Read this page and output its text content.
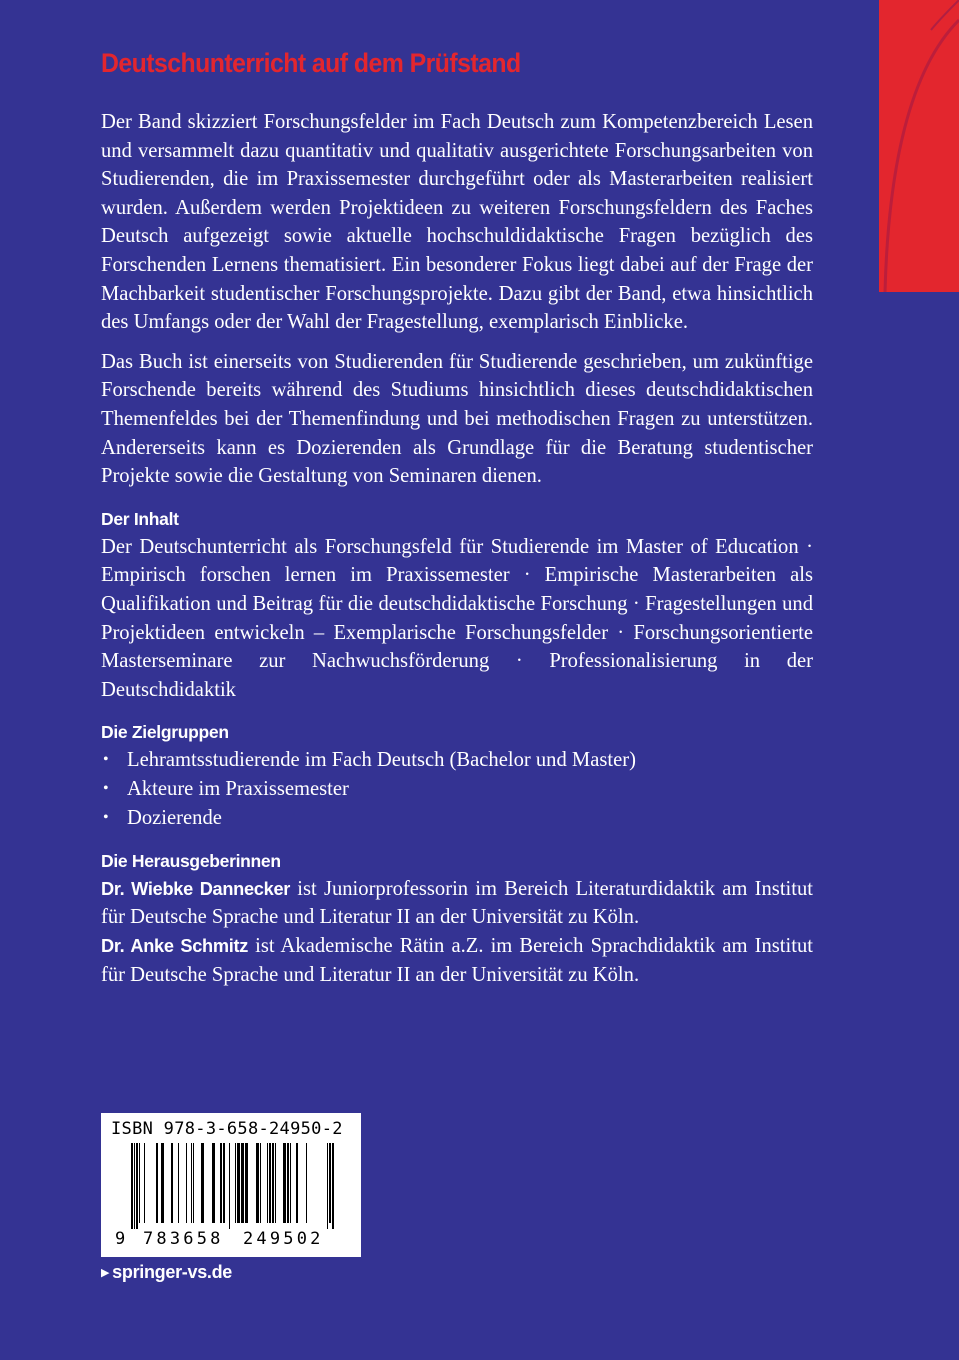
Deutschunterricht auf dem Prüfstand

Der Band skizziert Forschungsfelder im Fach Deutsch zum Kompetenzbereich Lesen und versammelt dazu quantitativ und qualitativ ausgerichtete Forschungsarbeiten von Studierenden, die im Praxissemester durchgeführt oder als Masterarbeiten realisiert wurden. Außerdem werden Projektideen zu weiteren Forschungsfeldern des Faches Deutsch aufgezeigt sowie aktuelle hochschuldidaktische Fragen bezüglich des Forschenden Lernens thematisiert. Ein besonderer Fokus liegt dabei auf der Frage der Machbarkeit studentischer Forschungsprojekte. Dazu gibt der Band, etwa hinsichtlich des Umfangs oder der Wahl der Fragestellung, exemplarisch Einblicke.

Das Buch ist einerseits von Studierenden für Studierende geschrieben, um zukünftige Forschende bereits während des Studiums hinsichtlich dieses deutschdidaktischen Themenfeldes bei der Themenfindung und bei methodischen Fragen zu unterstützen. Andererseits kann es Dozierenden als Grundlage für die Beratung studentischer Projekte sowie die Gestaltung von Seminaren dienen.

Der Inhalt

Der Deutschunterricht als Forschungsfeld für Studierende im Master of Education · Empirisch forschen lernen im Praxissemester · Empirische Masterarbeiten als Qualifikation und Beitrag für die deutschdidaktische Forschung · Fragestellungen und Projektideen entwickeln – Exemplarische Forschungsfelder · Forschungsorientierte Masterseminare zur Nachwuchsförderung · Professionalisierung in der Deutschdidaktik

Die Zielgruppen
• Lehramtsstudierende im Fach Deutsch (Bachelor und Master)
• Akteure im Praxissemester
• Dozierende
Die Herausgeberinnen

Dr. Wiebke Dannecker ist Juniorprofessorin im Bereich Literaturdidaktik am Institut für Deutsche Sprache und Literatur II an der Universität zu Köln.

Dr. Anke Schmitz ist Akademische Rätin a.Z. im Bereich Sprachdidaktik am Institut für Deutsche Sprache und Literatur II an der Universität zu Köln.

ISBN 978-3-658-24950-2
9 783658 249502
▶ springer-vs.de
